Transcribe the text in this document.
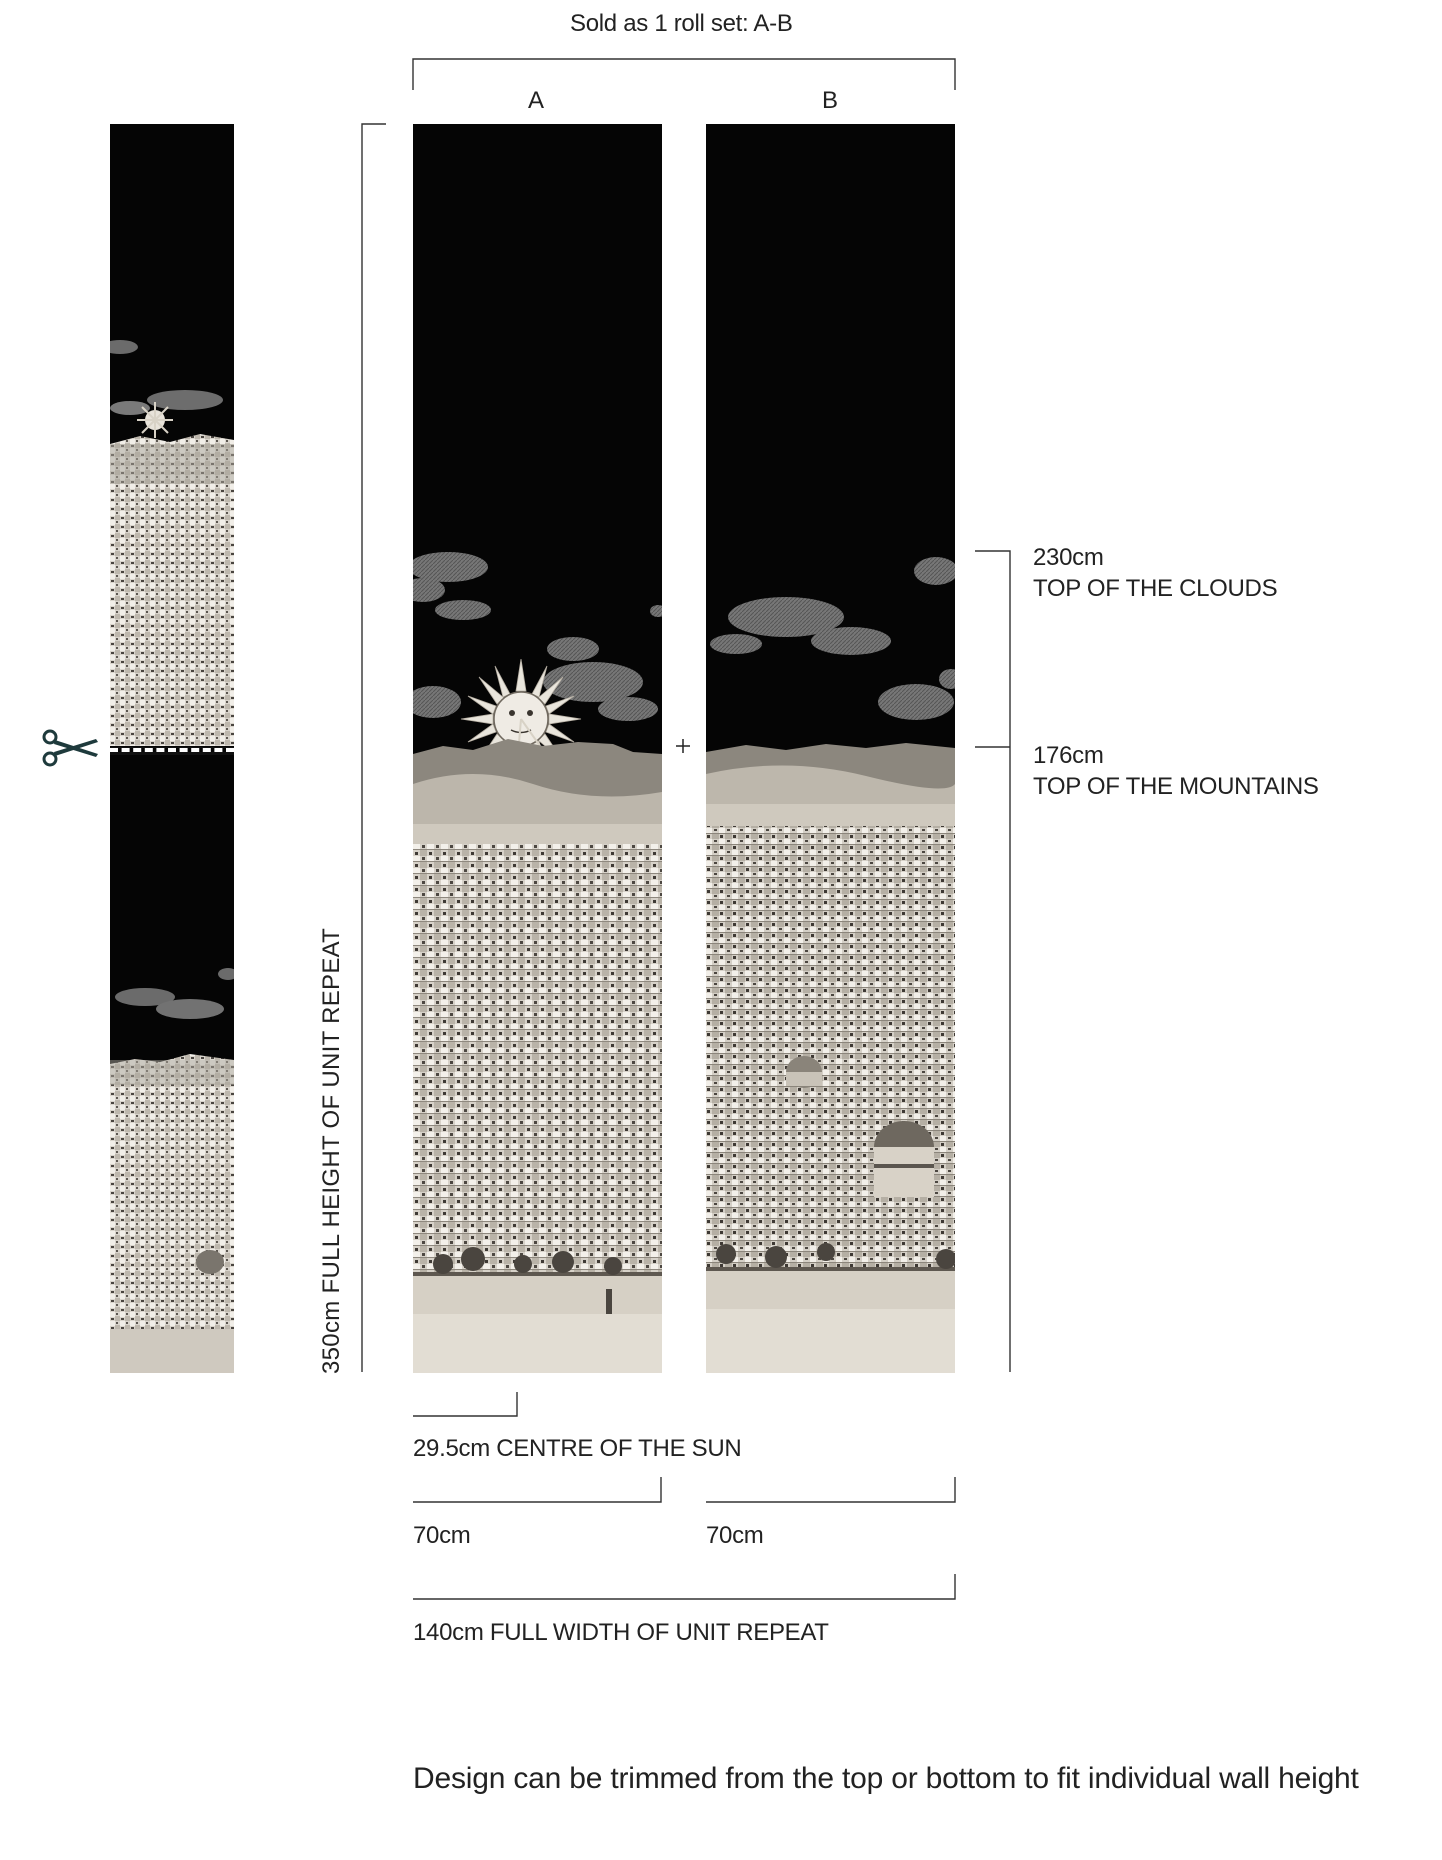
Sold as 1 roll set: A-B
A	B
230cm
TOP OF THE CLOUDS
176cm
TOP OF THE MOUNTAINS
350cm FULL HEIGHT OF UNIT REPEAT
29.5cm CENTRE OF THE SUN
70cm	70cm
140cm FULL WIDTH OF UNIT REPEAT
Design can be trimmed from the top or bottom to fit individual wall height
